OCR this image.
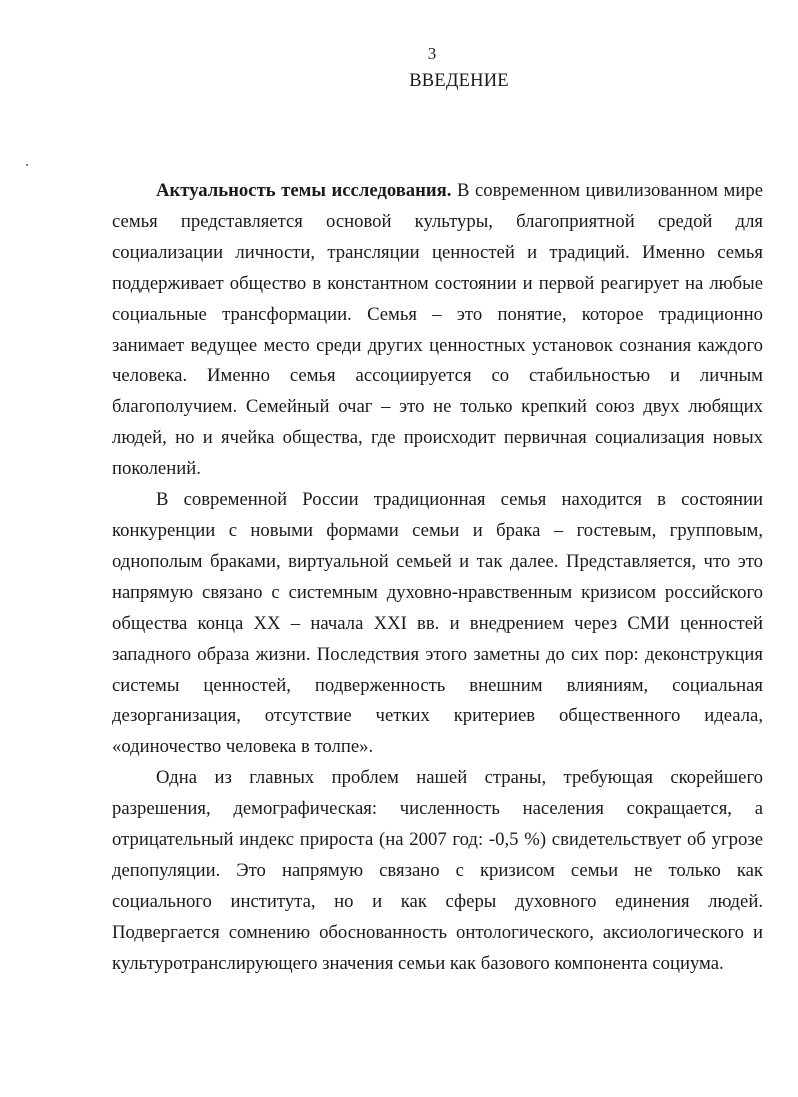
3
ВВЕДЕНИЕ

Актуальность темы исследования. В современном цивилизованном мире семья представляется основой культуры, благоприятной средой для социализации личности, трансляции ценностей и традиций. Именно семья поддерживает общество в константном состоянии и первой реагирует на любые социальные трансформации. Семья – это понятие, которое традиционно занимает ведущее место среди других ценностных установок сознания каждого человека. Именно семья ассоциируется со стабильностью и личным благополучием. Семейный очаг – это не только крепкий союз двух любящих людей, но и ячейка общества, где происходит первичная социализация новых поколений.

В современной России традиционная семья находится в состоянии конкуренции с новыми формами семьи и брака – гостевым, групповым, однополым браками, виртуальной семьей и так далее. Представляется, что это напрямую связано с системным духовно-нравственным кризисом российского общества конца XX – начала XXI вв. и внедрением через СМИ ценностей западного образа жизни. Последствия этого заметны до сих пор: деконструкция системы ценностей, подверженность внешним влияниям, социальная дезорганизация, отсутствие четких критериев общественного идеала, «одиночество человека в толпе».

Одна из главных проблем нашей страны, требующая скорейшего разрешения, демографическая: численность населения сокращается, а отрицательный индекс прироста (на 2007 год: -0,5 %) свидетельствует об угрозе депопуляции. Это напрямую связано с кризисом семьи не только как социального института, но и как сферы духовного единения людей. Подвергается сомнению обоснованность онтологического, аксиологического и культуротранслирующего значения семьи как базового компонента социума.
